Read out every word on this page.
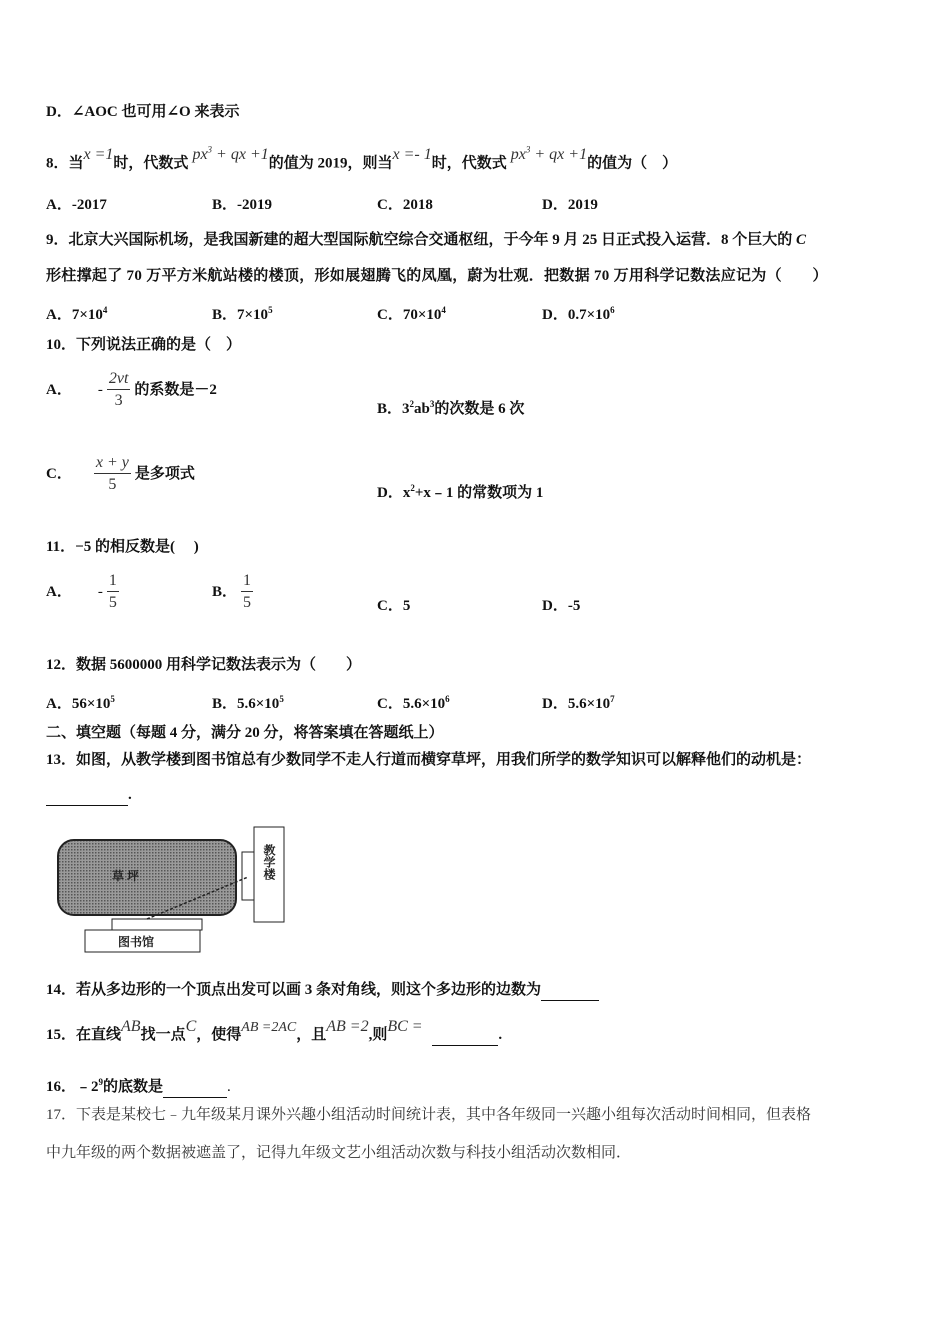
D．∠AOC 也可用∠O 来表示
8．当x =1时，代数式 $px^3$ + qx +1的值为 2019，则当x =- 1时，代数式 $px^3$ + qx +1的值为（　）
A．-2017	B．-2019	C．2018	D．2019
9．北京大兴国际机场，是我国新建的超大型国际航空综合交通枢纽，于今年 9 月 25 日正式投入运营．8 个巨大的 C
形柱撑起了 70 万平方米航站楼的楼顶，形如展翅腾飞的凤凰，蔚为壮观．把数据 70 万用科学记数法应记为（　　）
A．$7\times 10^4$	B．$7\times 10^5$	C．$70\times 10^4$	D．$0.7\times 10^6$
10．下列说法正确的是（　）
A． - $\frac{2vt}{3}$ 的系数是－2
B．$3^2ab^3$的次数是 6 次
C． $\frac{x + y}{5}$ 是多项式
D．$x^2+x﹣1$ 的常数项为 1
11．−5 的相反数是(　 )
A． - $\frac{1}{5}$	B． $\frac{1}{5}$	C．5	D．-5
12．数据 5600000 用科学记数法表示为（　　）
A．$56\times 10^5$	B．$5.6\times 10^5$	C．$5.6\times 10^6$	D．$5.6\times 10^7$
二、填空题（每题 4 分，满分 20 分，将答案填在答题纸上）
13．如图，从教学楼到图书馆总有少数同学不走人行道而横穿草坪，用我们所学的数学知识可以解释他们的动机是：
.
草 坪	教学楼
图书馆
14．若从多边形的一个顶点出发可以画 3 条对角线，则这个多边形的边数为
15．在直线AB找一点C，使得AB =2AC，且AB =2,则BC =	.
16．$﹣2^9$的底数是	.
17．下表是某校七﹣九年级某月课外兴趣小组活动时间统计表，其中各年级同一兴趣小组每次活动时间相同，但表格
中九年级的两个数据被遮盖了，记得九年级文艺小组活动次数与科技小组活动次数相同．
